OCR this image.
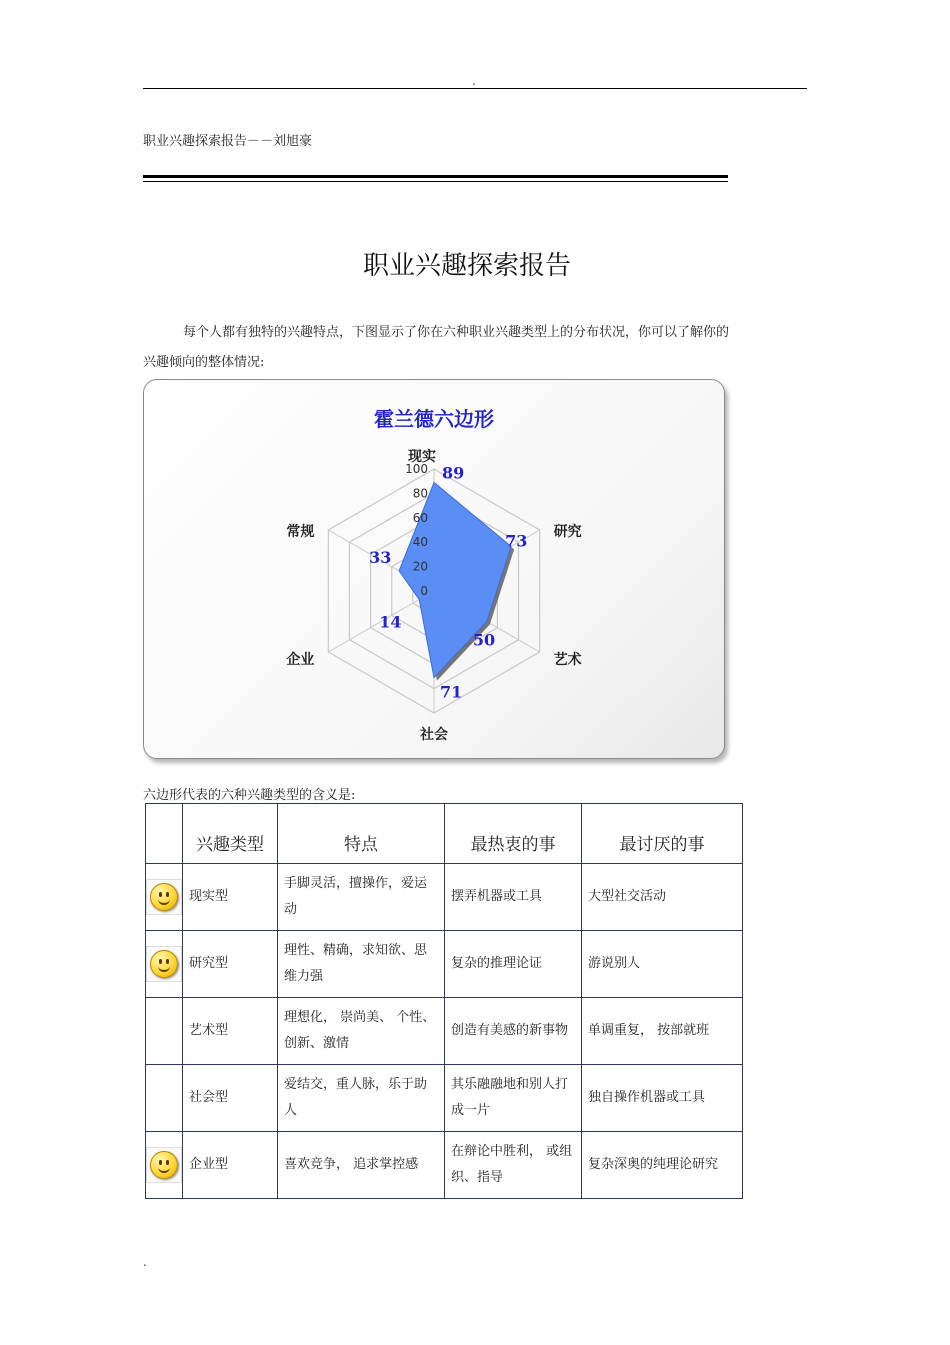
.
职业兴趣探索报告－－刘旭豪
职业兴趣探索报告
每个人都有独特的兴趣特点，下图显示了你在六种职业兴趣类型上的分布状况，你可以了解你的兴趣倾向的整体情况:
霍兰德六边形
0
20
40
60
80
100
现实
研究
艺术
社会
企业
常规
89
73
50
71
14
33
六边形代表的六种兴趣类型的含义是:
	兴趣类型	特点	最热衷的事	最讨厌的事

	现实型	手脚灵活，擅操作，爱运动	摆弄机器或工具	大型社交活动

	研究型	理性、精确，求知欲、思维力强	复杂的推理论证	游说别人
	艺术型	理想化， 崇尚美、 个性、创新、激情	创造有美感的新事物	单调重复， 按部就班
	社会型	爱结交，重人脉，乐于助人	其乐融融地和别人打成一片	独自操作机器或工具

	企业型	喜欢竞争， 追求掌控感	在辩论中胜利， 或组织、指导	复杂深奥的纯理论研究
.
